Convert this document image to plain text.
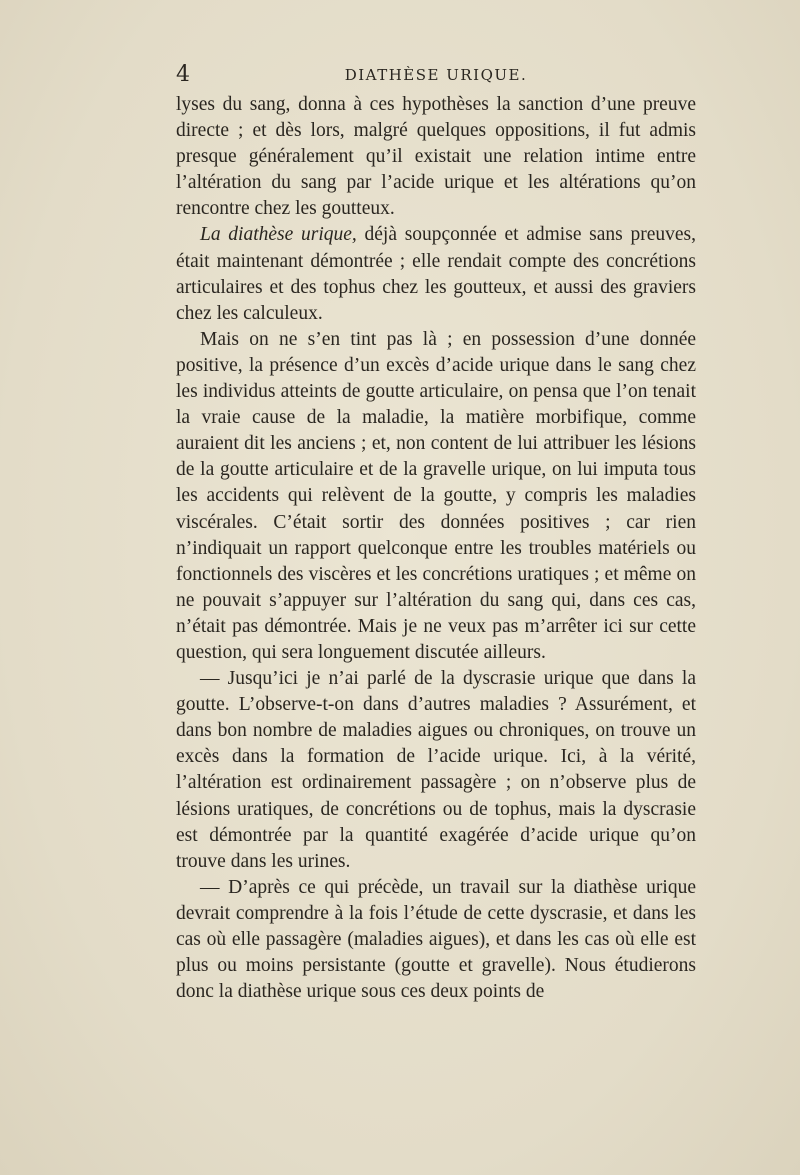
4	DIATHÈSE URIQUE.

lyses du sang, donna à ces hypothèses la sanction d’une preuve directe ; et dès lors, malgré quelques oppositions, il fut admis presque généralement qu’il existait une relation intime entre l’altération du sang par l’acide urique et les altérations qu’on rencontre chez les goutteux.

La diathèse urique, déjà soupçonnée et admise sans preuves, était maintenant démontrée ; elle rendait compte des concrétions articulaires et des tophus chez les goutteux, et aussi des graviers chez les calculeux.

Mais on ne s’en tint pas là ; en possession d’une donnée positive, la présence d’un excès d’acide urique dans le sang chez les individus atteints de goutte articulaire, on pensa que l’on tenait la vraie cause de la maladie, la matière morbifique, comme auraient dit les anciens ; et, non content de lui attribuer les lésions de la goutte articulaire et de la gravelle urique, on lui imputa tous les accidents qui relèvent de la goutte, y compris les maladies viscérales. C’était sortir des données positives ; car rien n’indiquait un rapport quelconque entre les troubles matériels ou fonctionnels des viscères et les concrétions uratiques ; et même on ne pouvait s’appuyer sur l’altération du sang qui, dans ces cas, n’était pas démontrée. Mais je ne veux pas m’arrêter ici sur cette question, qui sera longuement discutée ailleurs.

— Jusqu’ici je n’ai parlé de la dyscrasie urique que dans la goutte. L’observe-t-on dans d’autres maladies ? Assurément, et dans bon nombre de maladies aigues ou chroniques, on trouve un excès dans la formation de l’acide urique. Ici, à la vérité, l’altération est ordinairement passagère ; on n’observe plus de lésions uratiques, de concrétions ou de tophus, mais la dyscrasie est démontrée par la quantité exagérée d’acide urique qu’on trouve dans les urines.

— D’après ce qui précède, un travail sur la diathèse urique devrait comprendre à la fois l’étude de cette dyscrasie, et dans les cas où elle passagère (maladies aigues), et dans les cas où elle est plus ou moins persistante (goutte et gravelle). Nous étudierons donc la diathèse urique sous ces deux points de
